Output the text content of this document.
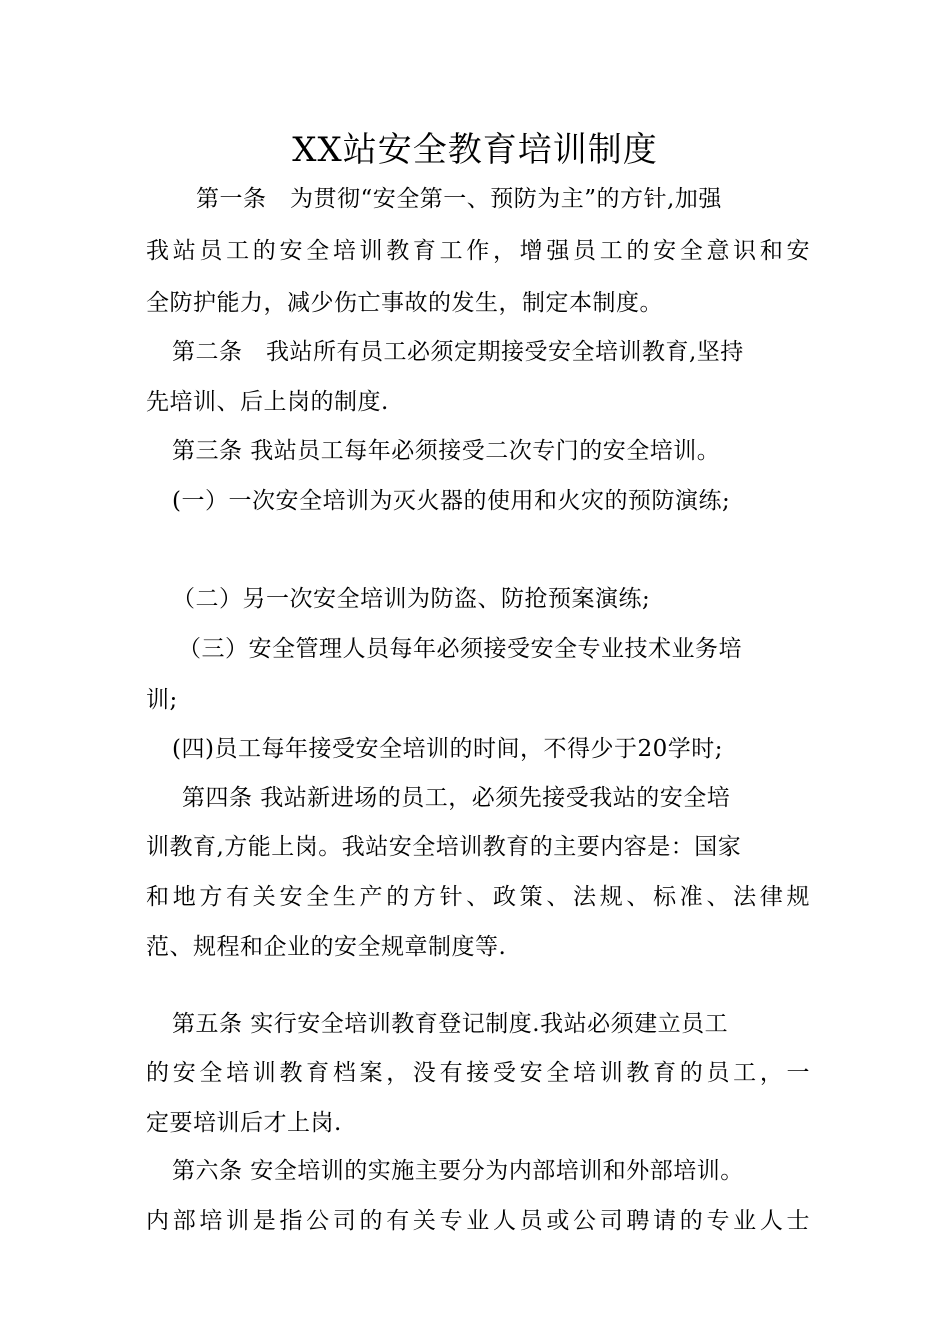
XX站安全教育培训制度
第一条　为贯彻“安全第一、预防为主”的方针,加强
我站员工的安全培训教育工作，增强员工的安全意识和安
全防护能力，减少伤亡事故的发生，制定本制度。
第二条　我站所有员工必须定期接受安全培训教育,坚持
先培训、后上岗的制度.
第三条 我站员工每年必须接受二次专门的安全培训。
(一）一次安全培训为灭火器的使用和火灾的预防演练;
（二）另一次安全培训为防盗、防抢预案演练;
（三）安全管理人员每年必须接受安全专业技术业务培
训;
(四)员工每年接受安全培训的时间，不得少于20学时;
第四条 我站新进场的员工，必须先接受我站的安全培
训教育,方能上岗。我站安全培训教育的主要内容是：国家
和地方有关安全生产的方针、政策、法规、标准、法律规
范、规程和企业的安全规章制度等.
第五条 实行安全培训教育登记制度.我站必须建立员工
的安全培训教育档案，没有接受安全培训教育的员工，一
定要培训后才上岗.
第六条 安全培训的实施主要分为内部培训和外部培训。
内部培训是指公司的有关专业人员或公司聘请的专业人士
